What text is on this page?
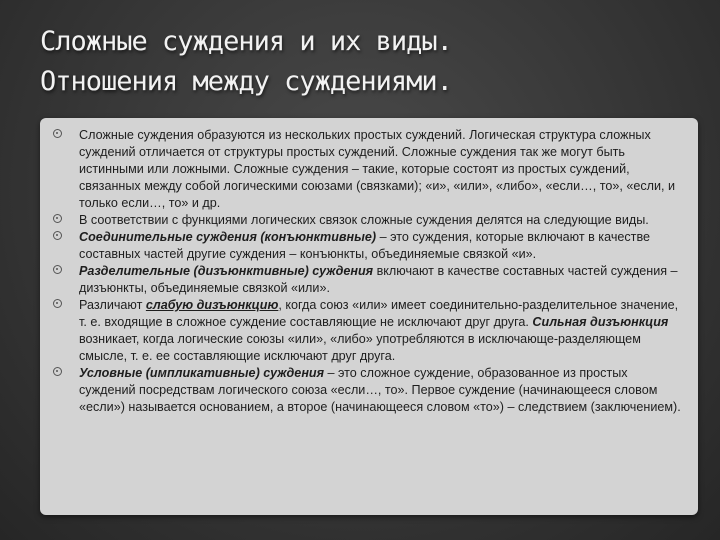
Сложные суждения и их виды.
Отношения между суждениями.
Сложные суждения образуются из нескольких простых суждений. Логическая структура сложных суждений отличается от структуры простых суждений. Сложные суждения так же могут быть истинными или ложными. Сложные суждения – такие, которые состоят из простых суждений, связанных между собой логическими союзами (связками); «и», «или», «либо», «если…, то», «если, и только если…, то» и др.
В соответствии с функциями логических связок сложные суждения делятся на следующие виды.
Соединительные суждения (конъюнктивные) – это суждения, которые включают в качестве составных частей другие суждения – конъюнкты, объединяемые связкой «и».
Разделительные (дизъюнктивные) суждения включают в качестве составных частей суждения – дизъюнкты, объединяемые связкой «или».
Различают слабую дизъюнкцию, когда союз «или» имеет соединительно-разделительное значение, т. е. входящие в сложное суждение составляющие не исключают друг друга. Сильная дизъюнкция возникает, когда логические союзы «или», «либо» употребляются в исключающе-разделяющем смысле, т. е. ее составляющие исключают друг друга.
Условные (импликативные) суждения – это сложное суждение, образованное из простых суждений посредствам логического союза «если…, то». Первое суждение (начинающееся словом «если») называется основанием, а второе (начинающееся словом «то») – следствием (заключением).
